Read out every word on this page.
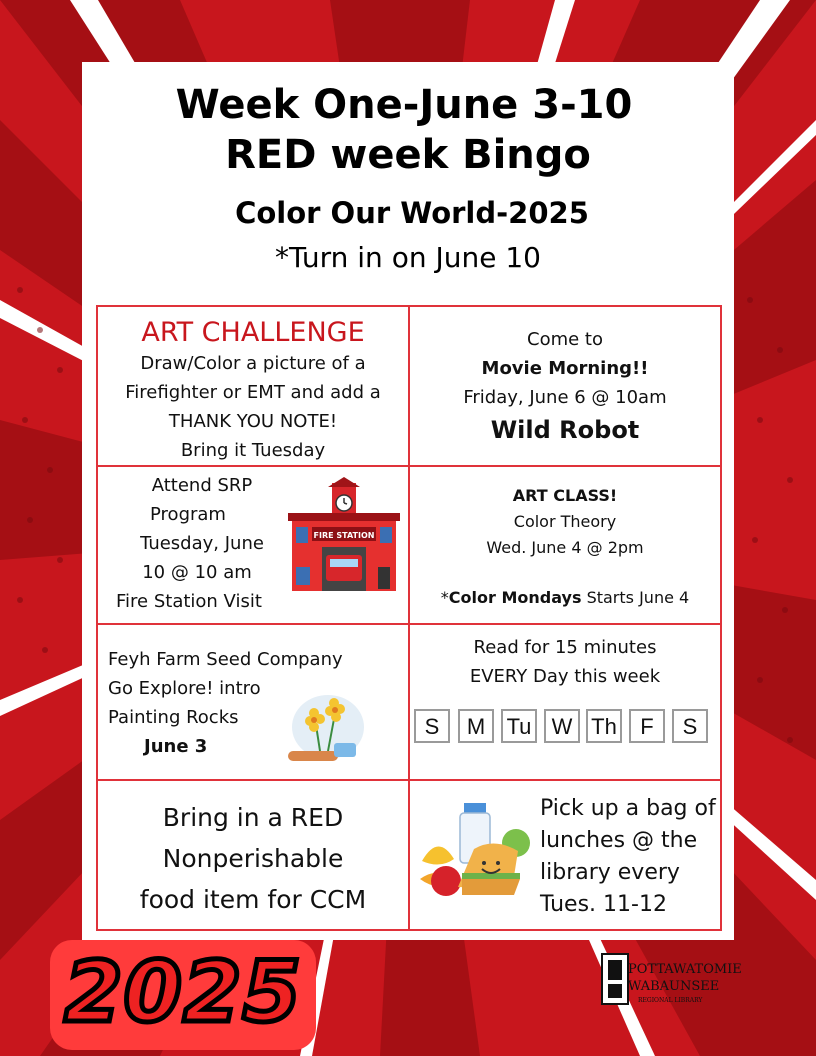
Week One-June 3-10
RED week Bingo
Color Our World-2025
*Turn in on June 10
ART CHALLENGE
Draw/Color a picture of a
Firefighter or EMT and add a
THANK YOU NOTE!
Bring it Tuesday
Come to
Movie Morning!!
Friday, June 6 @ 10am
Wild Robot
Attend SRP
Program
Tuesday, June
10 @ 10 am
Fire Station Visit
FIRE STATION
ART CLASS!
Color Theory
Wed. June 4 @ 2pm
*Color Mondays Starts June 4
Feyh Farm Seed Company
Go Explore! intro
Painting Rocks
June 3
Read for 15 minutes
EVERY Day this week
S	M Tu W Th	F	S
Bring in a RED
Nonperishable
food item for CCM
Pick up a bag of
lunches @ the
library every
Tues. 11-12
2025	POTTAWATOMIE
WABAUNSEE
REGIONAL LIBRARY
